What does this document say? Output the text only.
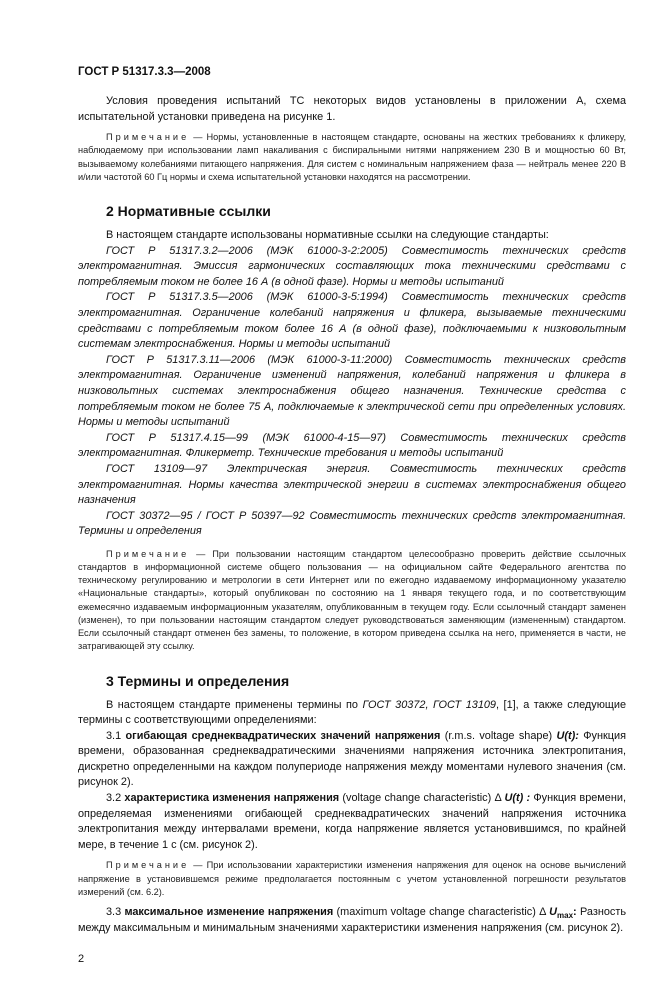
ГОСТ Р 51317.3.3—2008

Условия проведения испытаний ТС некоторых видов установлены в приложении А, схема испытательной установки приведена на рисунке 1.

Примечание — Нормы, установленные в настоящем стандарте, основаны на жестких требованиях к фликеру, наблюдаемому при использовании ламп накаливания с биспиральными нитями напряжением 230 В и мощностью 60 Вт, вызываемому колебаниями питающего напряжения. Для систем с номинальным напряжением фаза — нейтраль менее 220 В и/или частотой 60 Гц нормы и схема испытательной установки находятся на рассмотрении.

2 Нормативные ссылки

В настоящем стандарте использованы нормативные ссылки на следующие стандарты:

ГОСТ Р 51317.3.2—2006 (МЭК 61000-3-2:2005) Совместимость технических средств электромагнитная. Эмиссия гармонических составляющих тока техническими средствами с потребляемым током не более 16 А (в одной фазе). Нормы и методы испытаний

ГОСТ Р 51317.3.5—2006 (МЭК 61000-3-5:1994) Совместимость технических средств электромагнитная. Ограничение колебаний напряжения и фликера, вызываемые техническими средствами с потребляемым током более 16 А (в одной фазе), подключаемыми к низковольтным системам электроснабжения. Нормы и методы испытаний

ГОСТ Р 51317.3.11—2006 (МЭК 61000-3-11:2000) Совместимость технических средств электромагнитная. Ограничение изменений напряжения, колебаний напряжения и фликера в низковольтных системах электроснабжения общего назначения. Технические средства с потребляемым током не более 75 А, подключаемые к электрической сети при определенных условиях. Нормы и методы испытаний

ГОСТ Р 51317.4.15—99 (МЭК 61000-4-15—97) Совместимость технических средств электромагнитная. Фликерметр. Технические требования и методы испытаний

ГОСТ 13109—97 Электрическая энергия. Совместимость технических средств электромагнитная. Нормы качества электрической энергии в системах электроснабжения общего назначения

ГОСТ 30372—95 / ГОСТ Р 50397—92 Совместимость технических средств электромагнитная. Термины и определения

Примечание — При пользовании настоящим стандартом целесообразно проверить действие ссылочных стандартов в информационной системе общего пользования — на официальном сайте Федерального агентства по техническому регулированию и метрологии в сети Интернет или по ежегодно издаваемому информационному указателю «Национальные стандарты», который опубликован по состоянию на 1 января текущего года, и по соответствующим ежемесячно издаваемым информационным указателям, опубликованным в текущем году. Если ссылочный стандарт заменен (изменен), то при пользовании настоящим стандартом следует руководствоваться заменяющим (измененным) стандартом. Если ссылочный стандарт отменен без замены, то положение, в котором приведена ссылка на него, применяется в части, не затрагивающей эту ссылку.

3 Термины и определения

В настоящем стандарте применены термины по ГОСТ 30372, ГОСТ 13109, [1], а также следующие термины с соответствующими определениями:

3.1 огибающая среднеквадратических значений напряжения (r.m.s. voltage shape) U(t): Функция времени, образованная среднеквадратическими значениями напряжения источника электропитания, дискретно определенными на каждом полупериоде напряжения между моментами нулевого значения (см. рисунок 2).

3.2 характеристика изменения напряжения (voltage change characteristic) Δ U(t) : Функция времени, определяемая изменениями огибающей среднеквадратических значений напряжения источника электропитания между интервалами времени, когда напряжение является установившимся, по крайней мере, в течение 1 с (см. рисунок 2).

Примечание — При использовании характеристики изменения напряжения для оценок на основе вычислений напряжение в установившемся режиме предполагается постоянным с учетом установленной погрешности результатов измерений (см. 6.2).

3.3 максимальное изменение напряжения (maximum voltage change characteristic) Δ $U_{max}$: Разность между максимальным и минимальным значениями характеристики изменения напряжения (см. рисунок 2).

2
